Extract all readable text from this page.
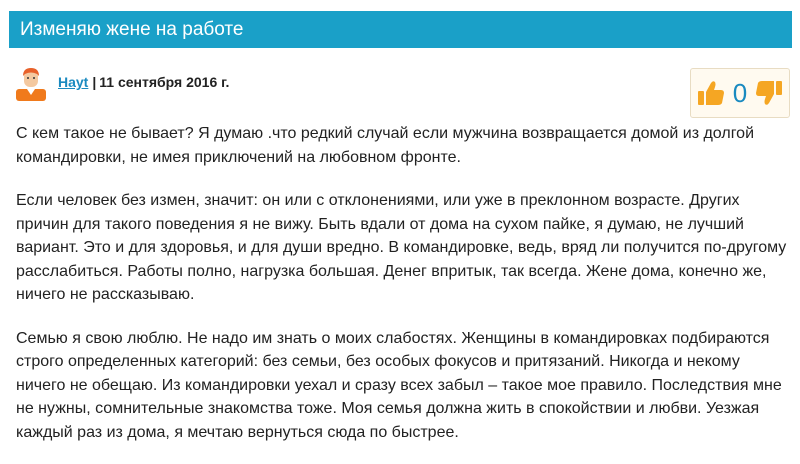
Изменяю жене на работе
Hayt | 11 сентября 2016 г.	0

С кем такое не бывает? Я думаю .что редкий случай если мужчина возвращается домой из долгой командировки, не имея приключений на любовном фронте.

Если человек без измен, значит: он или с отклонениями, или уже в преклонном возрасте. Других причин для такого поведения я не вижу. Быть вдали от дома на сухом пайке, я думаю, не лучший вариант. Это и для здоровья, и для души вредно. В командировке, ведь, вряд ли получится по-другому расслабиться. Работы полно, нагрузка большая. Денег впритык, так всегда. Жене дома, конечно же, ничего не рассказываю.

Семью я свою люблю. Не надо им знать о моих слабостях. Женщины в командировках подбираются строго определенных категорий: без семьи, без особых фокусов и притязаний. Никогда и некому ничего не обещаю. Из командировки уехал и сразу всех забыл – такое мое правило. Последствия мне не нужны, сомнительные знакомства тоже. Моя семья должна жить в спокойствии и любви. Уезжая каждый раз из дома, я мечтаю вернуться сюда по быстрее.
